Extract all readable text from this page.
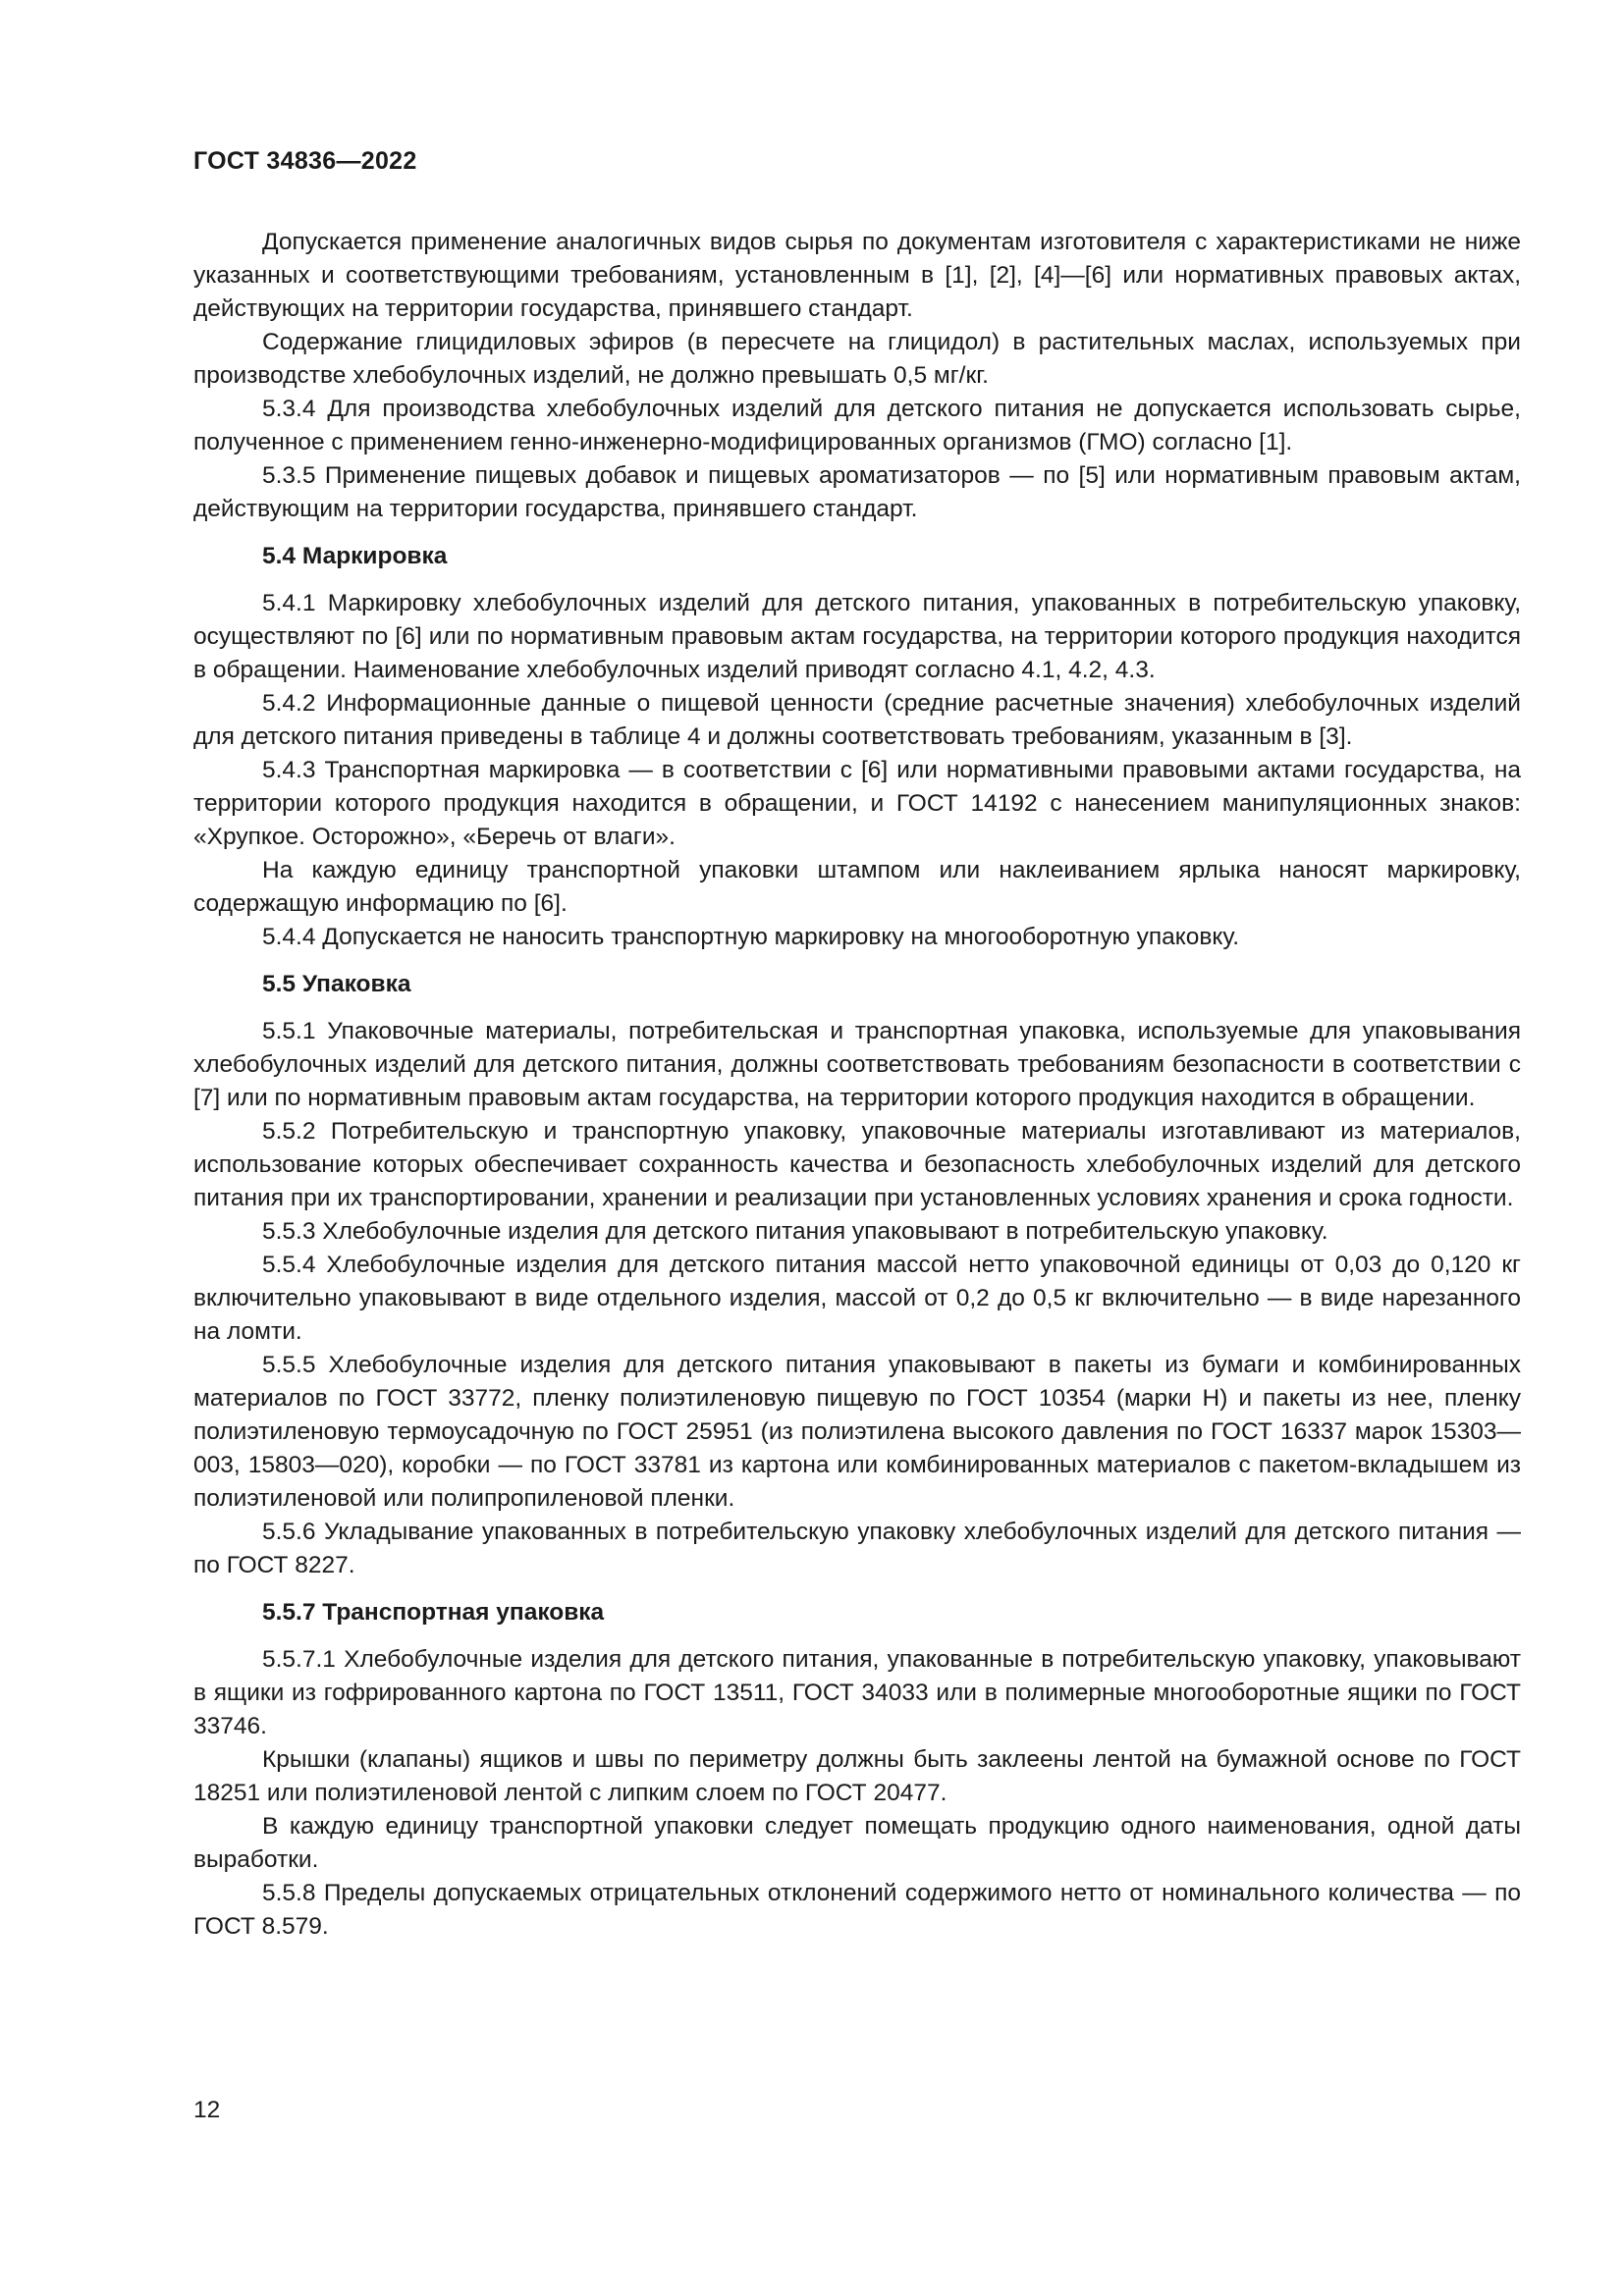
ГОСТ 34836—2022

Допускается применение аналогичных видов сырья по документам изготовителя с характеристиками не ниже указанных и соответствующими требованиям, установленным в [1], [2], [4]—[6] или нормативных правовых актах, действующих на территории государства, принявшего стандарт.

Содержание глицидиловых эфиров (в пересчете на глицидол) в растительных маслах, используемых при производстве хлебобулочных изделий, не должно превышать 0,5 мг/кг.

5.3.4 Для производства хлебобулочных изделий для детского питания не допускается использовать сырье, полученное с применением генно-инженерно-модифицированных организмов (ГМО) согласно [1].

5.3.5 Применение пищевых добавок и пищевых ароматизаторов — по [5] или нормативным правовым актам, действующим на территории государства, принявшего стандарт.

5.4 Маркировка

5.4.1 Маркировку хлебобулочных изделий для детского питания, упакованных в потребительскую упаковку, осуществляют по [6] или по нормативным правовым актам государства, на территории которого продукция находится в обращении. Наименование хлебобулочных изделий приводят согласно 4.1, 4.2, 4.3.

5.4.2 Информационные данные о пищевой ценности (средние расчетные значения) хлебобулочных изделий для детского питания приведены в таблице 4 и должны соответствовать требованиям, указанным в [3].

5.4.3 Транспортная маркировка — в соответствии с [6] или нормативными правовыми актами государства, на территории которого продукция находится в обращении, и ГОСТ 14192 с нанесением манипуляционных знаков: «Хрупкое. Осторожно», «Беречь от влаги».

На каждую единицу транспортной упаковки штампом или наклеиванием ярлыка наносят маркировку, содержащую информацию по [6].

5.4.4 Допускается не наносить транспортную маркировку на многооборотную упаковку.

5.5 Упаковка

5.5.1 Упаковочные материалы, потребительская и транспортная упаковка, используемые для упаковывания хлебобулочных изделий для детского питания, должны соответствовать требованиям безопасности в соответствии с [7] или по нормативным правовым актам государства, на территории которого продукция находится в обращении.

5.5.2 Потребительскую и транспортную упаковку, упаковочные материалы изготавливают из материалов, использование которых обеспечивает сохранность качества и безопасность хлебобулочных изделий для детского питания при их транспортировании, хранении и реализации при установленных условиях хранения и срока годности.

5.5.3 Хлебобулочные изделия для детского питания упаковывают в потребительскую упаковку.

5.5.4 Хлебобулочные изделия для детского питания массой нетто упаковочной единицы от 0,03 до 0,120 кг включительно упаковывают в виде отдельного изделия, массой от 0,2 до 0,5 кг включительно — в виде нарезанного на ломти.

5.5.5 Хлебобулочные изделия для детского питания упаковывают в пакеты из бумаги и комбинированных материалов по ГОСТ 33772, пленку полиэтиленовую пищевую по ГОСТ 10354 (марки Н) и пакеты из нее, пленку полиэтиленовую термоусадочную по ГОСТ 25951 (из полиэтилена высокого давления по ГОСТ 16337 марок 15303—003, 15803—020), коробки — по ГОСТ 33781 из картона или комбинированных материалов с пакетом-вкладышем из полиэтиленовой или полипропиленовой пленки.

5.5.6 Укладывание упакованных в потребительскую упаковку хлебобулочных изделий для детского питания — по ГОСТ 8227.

5.5.7 Транспортная упаковка

5.5.7.1 Хлебобулочные изделия для детского питания, упакованные в потребительскую упаковку, упаковывают в ящики из гофрированного картона по ГОСТ 13511, ГОСТ 34033 или в полимерные многооборотные ящики по ГОСТ 33746.

Крышки (клапаны) ящиков и швы по периметру должны быть заклеены лентой на бумажной основе по ГОСТ 18251 или полиэтиленовой лентой с липким слоем по ГОСТ 20477.

В каждую единицу транспортной упаковки следует помещать продукцию одного наименования, одной даты выработки.

5.5.8 Пределы допускаемых отрицательных отклонений содержимого нетто от номинального количества — по ГОСТ 8.579.

12
